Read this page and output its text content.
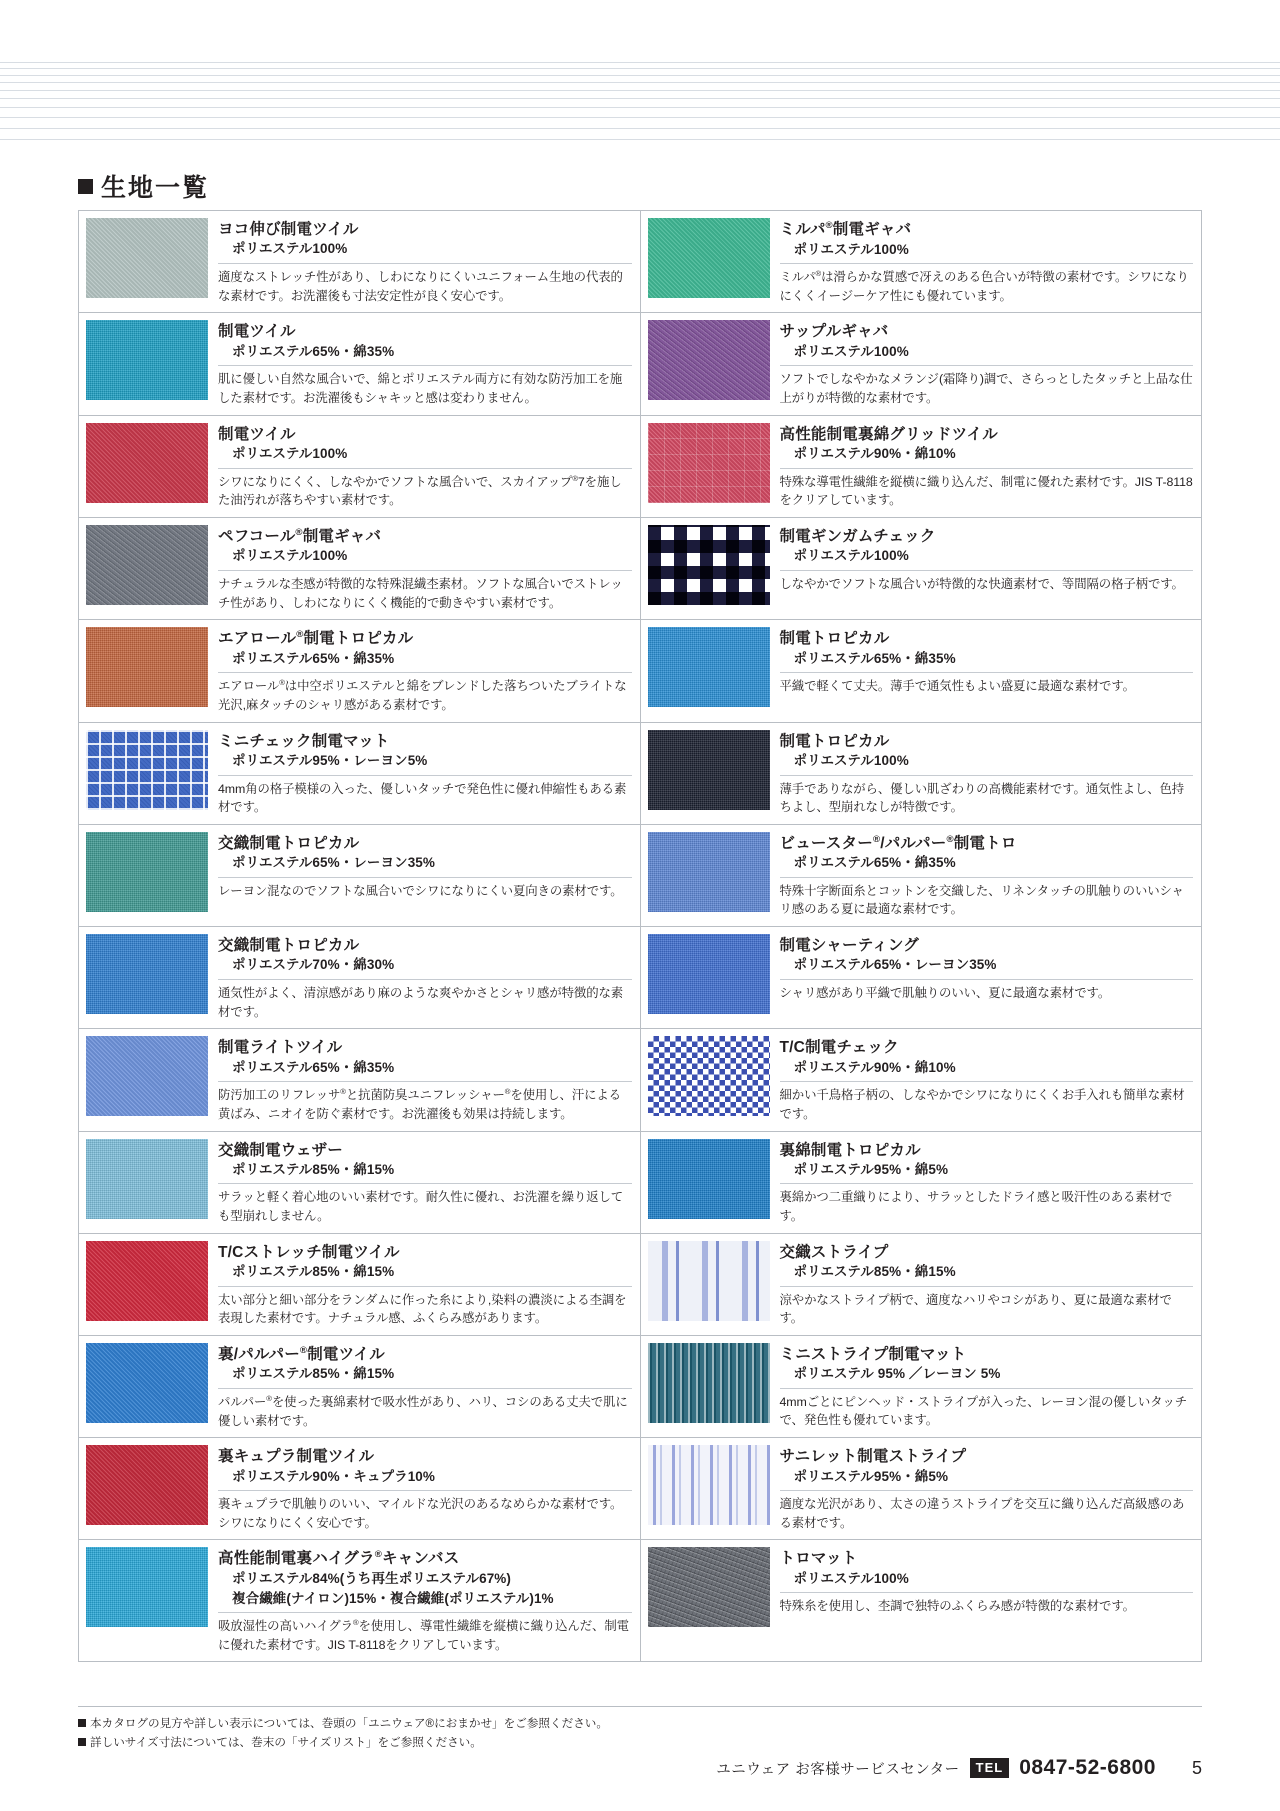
生地一覧
ヨコ伸び制電ツイル
ポリエステル100%
適度なストレッチ性があり、しわになりにくいユニフォーム生地の代表的な素材です。お洗濯後も寸法安定性が良く安心です。
ミルパ®制電ギャバ
ポリエステル100%
ミルパ®は滑らかな質感で冴えのある色合いが特徴の素材です。シワになりにくくイージーケア性にも優れています。
制電ツイル
ポリエステル65%・綿35%
肌に優しい自然な風合いで、綿とポリエステル両方に有効な防汚加工を施した素材です。お洗濯後もシャキッと感は変わりません。
サップルギャバ
ポリエステル100%
ソフトでしなやかなメランジ(霜降り)調で、さらっとしたタッチと上品な仕上がりが特徴的な素材です。
制電ツイル
ポリエステル100%
シワになりにくく、しなやかでソフトな風合いで、スカイアップ®7を施した油汚れが落ちやすい素材です。
高性能制電裏綿グリッドツイル
ポリエステル90%・綿10%
特殊な導電性繊維を縦横に織り込んだ、制電に優れた素材です。JIS T-8118をクリアしています。
ペフコール®制電ギャバ
ポリエステル100%
ナチュラルな杢感が特徴的な特殊混繊杢素材。ソフトな風合いでストレッチ性があり、しわになりにくく機能的で動きやすい素材です。
制電ギンガムチェック
ポリエステル100%
しなやかでソフトな風合いが特徴的な快適素材で、等間隔の格子柄です。
エアロール®制電トロピカル
ポリエステル65%・綿35%
エアロール®は中空ポリエステルと綿をブレンドした落ちついたブライトな光沢,麻タッチのシャリ感がある素材です。
制電トロピカル
ポリエステル65%・綿35%
平織で軽くて丈夫。薄手で通気性もよい盛夏に最適な素材です。
ミニチェック制電マット
ポリエステル95%・レーヨン5%
4mm角の格子模様の入った、優しいタッチで発色性に優れ伸縮性もある素材です。
制電トロピカル
ポリエステル100%
薄手でありながら、優しい肌ざわりの高機能素材です。通気性よし、色持ちよし、型崩れなしが特徴です。
交織制電トロピカル
ポリエステル65%・レーヨン35%
レーヨン混なのでソフトな風合いでシワになりにくい夏向きの素材です。
ビュースター®/パルパー®制電トロ
ポリエステル65%・綿35%
特殊十字断面糸とコットンを交織した、リネンタッチの肌触りのいいシャリ感のある夏に最適な素材です。
交織制電トロピカル
ポリエステル70%・綿30%
通気性がよく、清涼感があり麻のような爽やかさとシャリ感が特徴的な素材です。
制電シャーティング
ポリエステル65%・レーヨン35%
シャリ感があり平織で肌触りのいい、夏に最適な素材です。
制電ライトツイル
ポリエステル65%・綿35%
防汚加工のリフレッサ®と抗菌防臭ユニフレッシャー®を使用し、汗による黄ばみ、ニオイを防ぐ素材です。お洗濯後も効果は持続します。
T/C制電チェック
ポリエステル90%・綿10%
細かい千鳥格子柄の、しなやかでシワになりにくくお手入れも簡単な素材です。
交織制電ウェザー
ポリエステル85%・綿15%
サラッと軽く着心地のいい素材です。耐久性に優れ、お洗濯を繰り返しても型崩れしません。
裏綿制電トロピカル
ポリエステル95%・綿5%
裏綿かつ二重織りにより、サラッとしたドライ感と吸汗性のある素材です。
T/Cストレッチ制電ツイル
ポリエステル85%・綿15%
太い部分と細い部分をランダムに作った糸により,染料の濃淡による杢調を表現した素材です。ナチュラル感、ふくらみ感があります。
交織ストライプ
ポリエステル85%・綿15%
涼やかなストライプ柄で、適度なハリやコシがあり、夏に最適な素材です。
裏/パルパー®制電ツイル
ポリエステル85%・綿15%
パルパー®を使った裏綿素材で吸水性があり、ハリ、コシのある丈夫で肌に優しい素材です。
ミニストライプ制電マット
ポリエステル 95% ／レーヨン 5%
4mmごとにピンヘッド・ストライプが入った、レーヨン混の優しいタッチで、発色性も優れています。
裏キュプラ制電ツイル
ポリエステル90%・キュプラ10%
裏キュプラで肌触りのいい、マイルドな光沢のあるなめらかな素材です。シワになりにくく安心です。
サニレット制電ストライプ
ポリエステル95%・綿5%
適度な光沢があり、太さの違うストライプを交互に織り込んだ高級感のある素材です。
高性能制電裏ハイグラ®キャンバス
ポリエステル84%(うち再生ポリエステル67%)
複合繊維(ナイロン)15%・複合繊維(ポリエステル)1%
吸放湿性の高いハイグラ®を使用し、導電性繊維を縦横に織り込んだ、制電に優れた素材です。JIS T-8118をクリアしています。
トロマット
ポリエステル100%
特殊糸を使用し、杢調で独特のふくらみ感が特徴的な素材です。
本カタログの見方や詳しい表示については、巻頭の「ユニウェア®におまかせ」をご参照ください。
詳しいサイズ寸法については、巻末の「サイズリスト」をご参照ください。
ユニウェア お客様サービスセンター	TEL 0847-52-6800 5
